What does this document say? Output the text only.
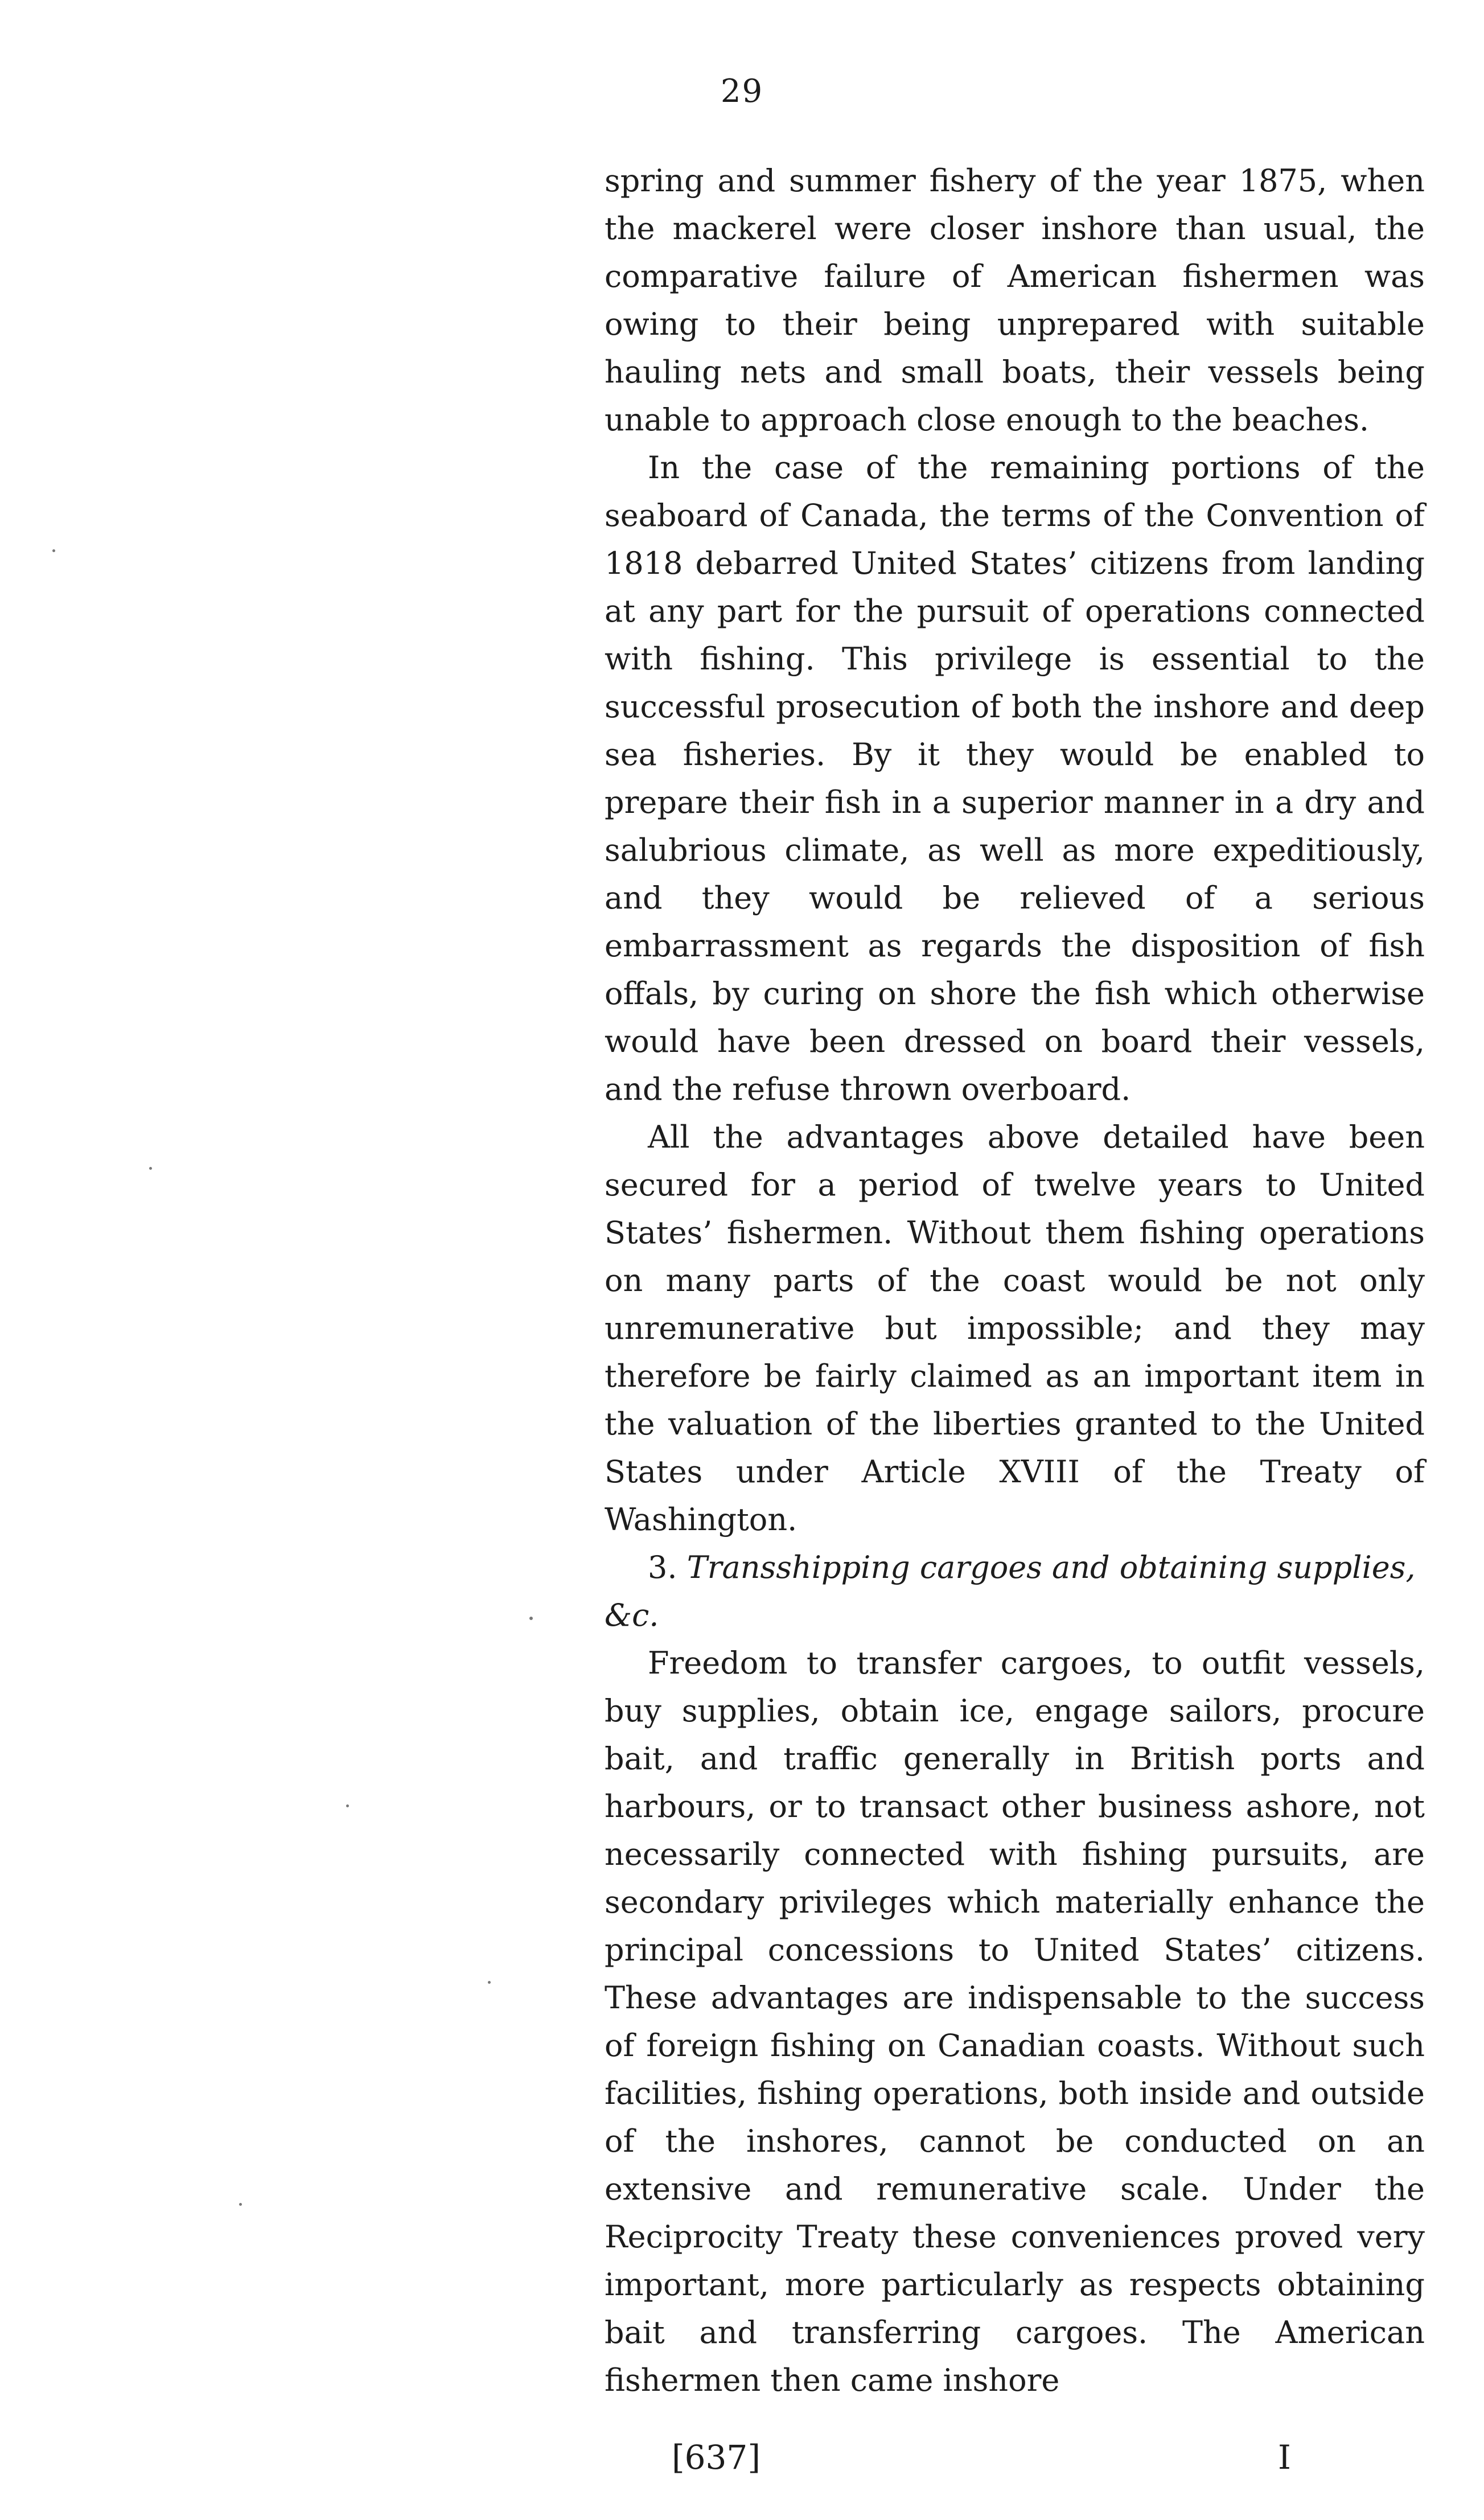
29

spring and summer fishery of the year 1875, when the mackerel were closer inshore than usual, the comparative failure of American fishermen was owing to their being unprepared with suitable hauling nets and small boats, their vessels being unable to approach close enough to the beaches.

In the case of the remaining portions of the seaboard of Canada, the terms of the Convention of 1818 debarred United States’ citizens from landing at any part for the pursuit of operations connected with fishing. This privilege is essential to the successful prosecution of both the inshore and deep sea fisheries. By it they would be enabled to prepare their fish in a superior manner in a dry and salubrious climate, as well as more expeditiously, and they would be relieved of a serious embarrassment as regards the disposition of fish offals, by curing on shore the fish which otherwise would have been dressed on board their vessels, and the refuse thrown overboard.

All the advantages above detailed have been secured for a period of twelve years to United States’ fishermen. Without them fishing operations on many parts of the coast would be not only unremunerative but impossible; and they may therefore be fairly claimed as an important item in the valuation of the liberties granted to the United States under Article XVIII of the Treaty of Washington.

3. Transshipping cargoes and obtaining supplies, &c.

Freedom to transfer cargoes, to outfit vessels, buy supplies, obtain ice, engage sailors, procure bait, and traffic generally in British ports and harbours, or to transact other business ashore, not necessarily connected with fishing pursuits, are secondary privileges which materially enhance the principal concessions to United States’ citizens. These advantages are indispensable to the success of foreign fishing on Canadian coasts. Without such facilities, fishing operations, both inside and outside of the inshores, cannot be conducted on an extensive and remunerative scale. Under the Reciprocity Treaty these conveniences proved very important, more particularly as respects obtaining bait and transferring cargoes. The American fishermen then came inshore

[637]	I
